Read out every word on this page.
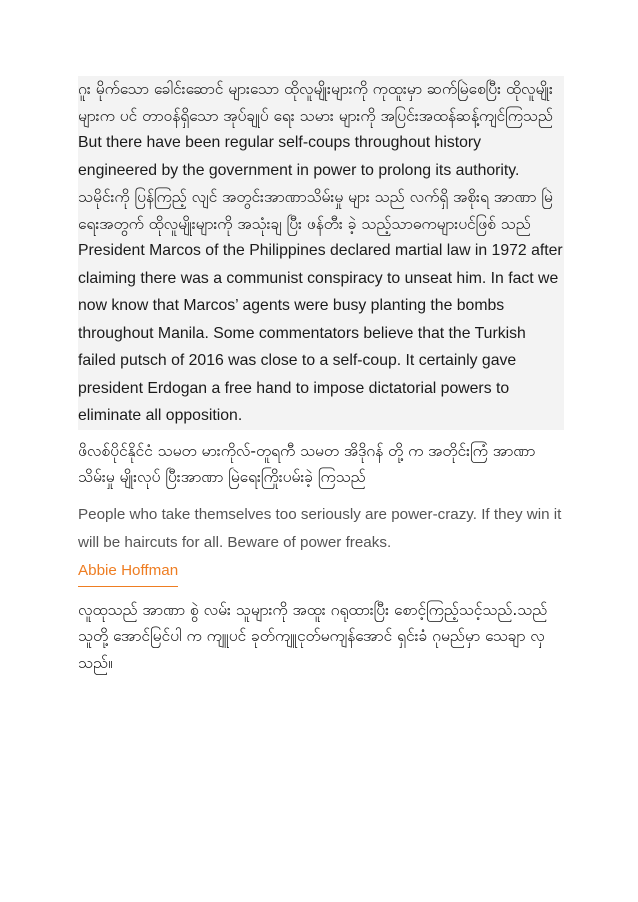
ဂူး မိုက်သော ခေါင်းဆောင် များသော ထိုလူမျိုးများကို ကုထူးမှာ ဆက်မြဲစေပြီး ထိုလူမျိုးများက ပင် တာဝန်ရှိသော အုပ်ချုပ် ရေး သမား များကို အပြင်းအထန်ဆန့်ကျင်ကြသည်

But there have been regular self-coups throughout history engineered by the government in power to prolong its authority.

သမိုင်းကို ပြန်ကြည့် လျင် အတွင်းအာဏာသိမ်းမှု များ သည် လက်ရှိ အစိုးရ အာဏာ မြဲ ရေးအတွက် ထိုလူမျိုးများကို အသုံးချ ပြီး ဖန်တီး ခဲ့ သည့်သာဓကများပင်ဖြစ် သည်

President Marcos of the Philippines declared martial law in 1972 after claiming there was a communist conspiracy to unseat him. In fact we now know that Marcos’ agents were busy planting the bombs throughout Manila. Some commentators believe that the Turkish failed putsch of 2016 was close to a self-coup. It certainly gave president Erdogan a free hand to impose dictatorial powers to eliminate all opposition.

ဖိလစ်ပိုင်နိုင်ငံ သမတ မားကိုလ်-တူရကီ သမတ အိဒိုဂန် တို့ က အတိုင်းကြံ အာဏာ သိမ်းမှု မျိုးလုပ် ပြီးအာဏာ မြဲရေးကြိုးပမ်းခဲ့ ကြသည်

People who take themselves too seriously are power-crazy. If they win it will be haircuts for all. Beware of power freaks.

Abbie Hoffman

လူထုသည် အာဏာ စွဲ လမ်း သူများကို အထူး ဂရုထားပြီး စောင့်ကြည့်သင့်သည်.သည် သူတို့ အောင်မြင်ပါ က ကျူပင် ခုတ်ကျူငုတ်မကျန်အောင် ရှင်းခံ ဂုမည်မှာ သေချာ လှသည်။
